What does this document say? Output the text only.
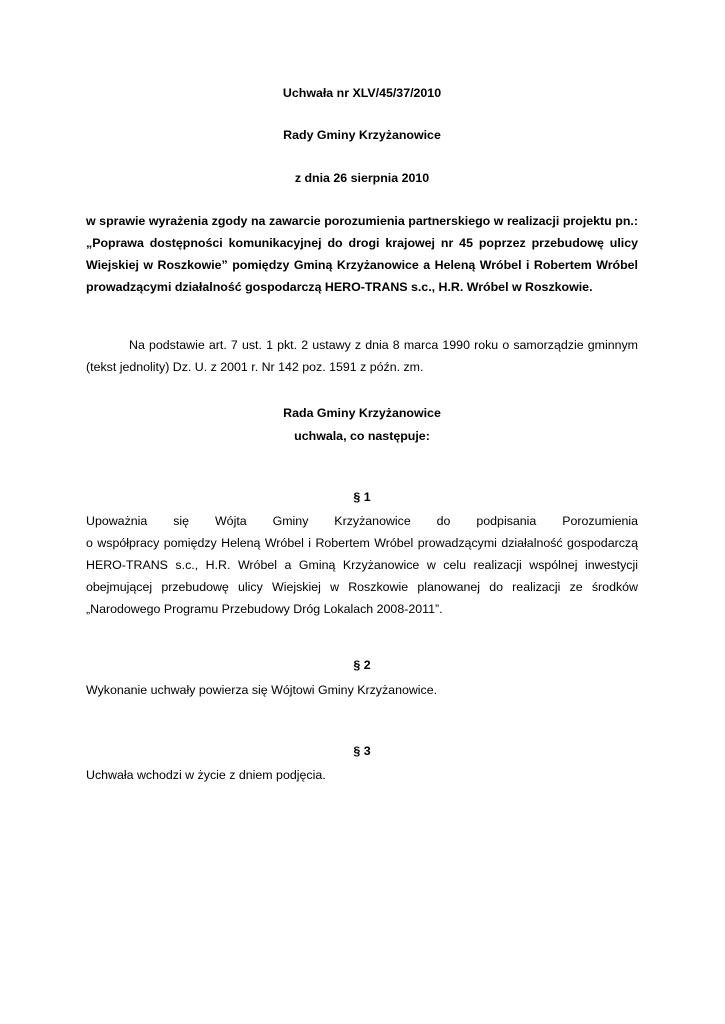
Uchwała nr XLV/45/37/2010
Rady Gminy Krzyżanowice
z dnia 26 sierpnia 2010
w sprawie wyrażenia zgody na zawarcie porozumienia partnerskiego w realizacji projektu pn.:
„Poprawa dostępności komunikacyjnej do drogi krajowej nr 45 poprzez przebudowę ulicy
Wiejskiej w Roszkowie” pomiędzy Gminą Krzyżanowice a Heleną Wróbel i Robertem Wróbel
prowadzącymi działalność gospodarczą HERO-TRANS s.c., H.R. Wróbel w Roszkowie.
Na podstawie art. 7 ust. 1 pkt. 2 ustawy z dnia 8 marca 1990 roku o samorządzie gminnym
(tekst jednolity) Dz. U. z 2001 r. Nr 142 poz. 1591 z późn. zm.
Rada Gminy Krzyżanowice
uchwala, co następuje:
§ 1
Upoważnia się Wójta Gminy Krzyżanowice do podpisania Porozumienia
o współpracy pomiędzy Heleną Wróbel i Robertem Wróbel prowadzącymi działalność gospodarczą
HERO-TRANS s.c., H.R. Wróbel a Gminą Krzyżanowice w celu realizacji wspólnej inwestycji
obejmującej przebudowę ulicy Wiejskiej w Roszkowie planowanej do realizacji ze środków
„Narodowego Programu Przebudowy Dróg Lokalach 2008-2011”.
§ 2
Wykonanie uchwały powierza się Wójtowi Gminy Krzyżanowice.
§ 3
Uchwała wchodzi w życie z dniem podjęcia.
